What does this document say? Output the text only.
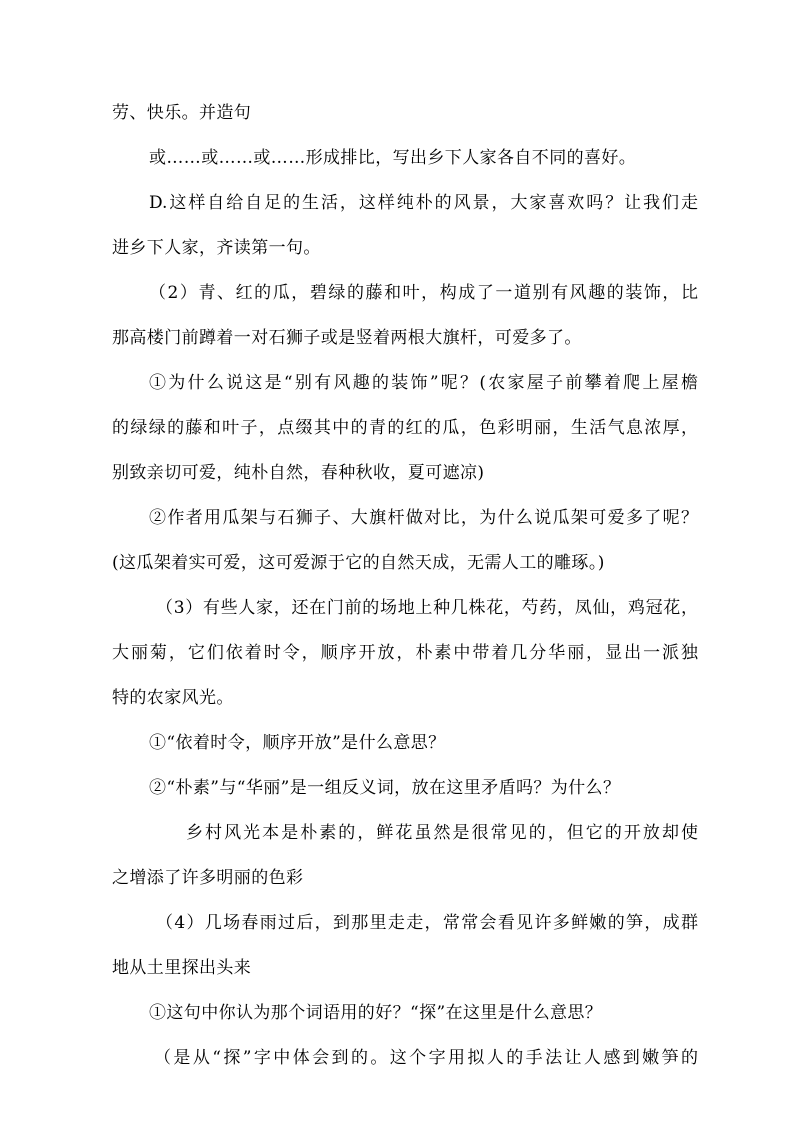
劳、快乐。并造句
或……或……或……形成排比，写出乡下人家各自不同的喜好。
D.这样自给自足的生活，这样纯朴的风景，大家喜欢吗？让我们走
进乡下人家，齐读第一句。
（2）青、红的瓜，碧绿的藤和叶，构成了一道别有风趣的装饰，比
那高楼门前蹲着一对石狮子或是竖着两根大旗杆，可爱多了。
①为什么说这是“别有风趣的装饰”呢？(农家屋子前攀着爬上屋檐
的绿绿的藤和叶子，点缀其中的青的红的瓜，色彩明丽，生活气息浓厚，
别致亲切可爱，纯朴自然，春种秋收，夏可遮凉)
②作者用瓜架与石狮子、大旗杆做对比，为什么说瓜架可爱多了呢？
(这瓜架着实可爱，这可爱源于它的自然天成，无需人工的雕琢。)
（3）有些人家，还在门前的场地上种几株花，芍药，凤仙，鸡冠花，
大丽菊，它们依着时令，顺序开放，朴素中带着几分华丽，显出一派独
特的农家风光。
①“依着时令，顺序开放”是什么意思？
②“朴素”与“华丽”是一组反义词，放在这里矛盾吗？为什么？
乡村风光本是朴素的，鲜花虽然是很常见的，但它的开放却使
之增添了许多明丽的色彩
（4）几场春雨过后，到那里走走，常常会看见许多鲜嫩的笋，成群
地从土里探出头来
①这句中你认为那个词语用的好？“探”在这里是什么意思？
（是从“探”字中体会到的。这个字用拟人的手法让人感到嫩笋的
